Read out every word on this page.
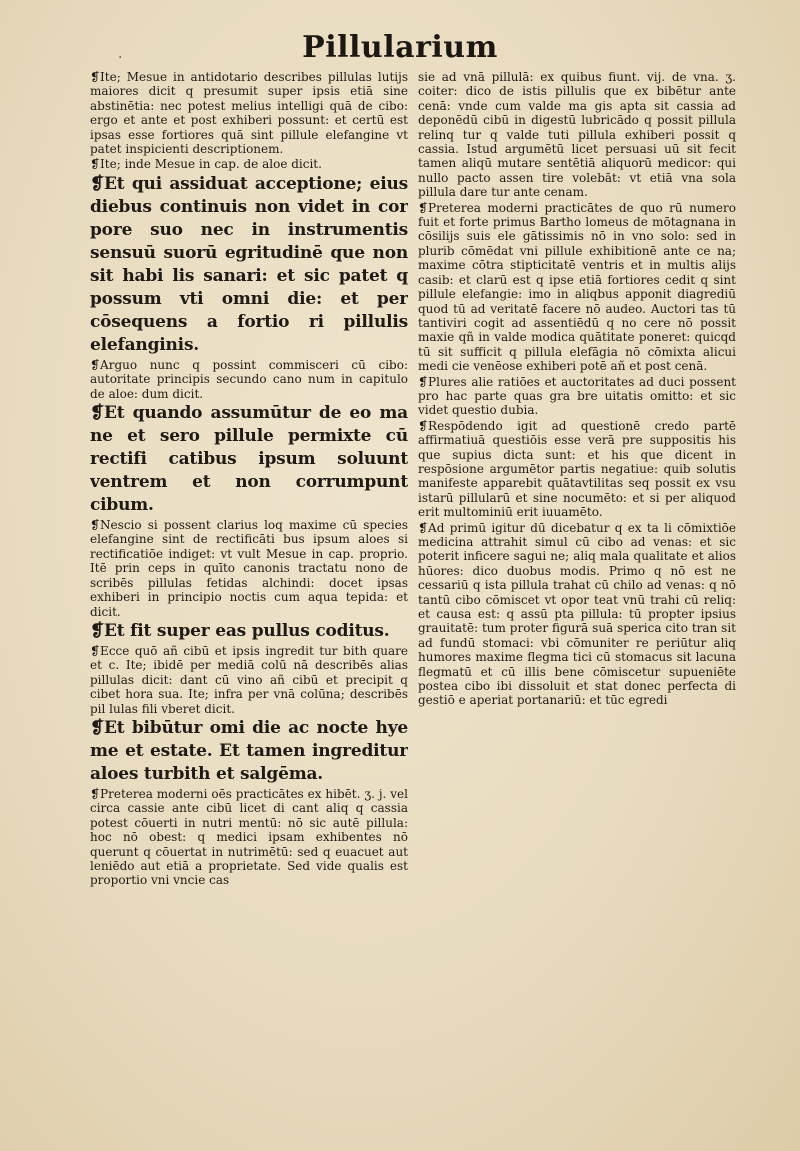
Pillularium
·

❡Ite; Mesue in antidotario describes pillulas lutijs maiores dicit q presumit super ipsis etiā sine abstinētia: nec potest melius intelligi quā de cibo: ergo et ante et post exhiberi possunt: et certū est ipsas esse fortiores quā sint pillule elefangine vt patet inspicienti descriptionem.

❡Ite; inde Mesue in cap. de aloe dicit.

❡Et qui assiduat acceptione; eius diebus continuis non videt in cor pore suo nec in instrumentis sensuū suorū egritudinē que non sit habi lis sanari: et sic patet q possum vti omni die: et per cōsequens a fortio ri pillulis elefanginis.

❡Arguo nunc q possint commisceri cū cibo: autoritate principis secundo cano num in capitulo de aloe: dum dicit.

❡Et quando assumūtur de eo ma ne et sero pillule permixte cū rectifi catibus ipsum soluunt ventrem et non corrumpunt cibum.

❡Nescio si possent clarius loq maxime cū species elefangine sint de rectificāti bus ipsum aloes si rectificatiōe indiget: vt vult Mesue in cap. proprio. Itē prin ceps in quīto canonis tractatu nono de scribēs pillulas fetidas alchindi: docet ipsas exhiberi in principio noctis cum aqua tepida: et dicit.

❡Et fit super eas pullus coditus.

❡Ecce quō añ cibū et ipsis ingredit tur bith quare et c. Ite; ibidē per mediā colū nā describēs alias pillulas dicit: dant cū vino añ cibū et precipit q cibet hora sua. Ite; infra per vnā colūna; describēs pil lulas fili vberet dicit.

❡Et bibūtur omi die ac nocte hye me et estate. Et tamen ingreditur aloes turbith et salgēma.

❡Preterea moderni oēs practicātes ex hibēt. ʒ. j. vel circa cassie ante cibū licet di cant aliq q cassia potest cōuerti in nutri mentū: nō sic autē pillula: hoc nō obest: q medici ipsam exhibentes nō querunt q cōuertat in nutrimētū: sed q euacuet aut leniēdo aut etiā a proprietate. Sed vide qualis est proportio vni vncie cas

sie ad vnā pillulā: ex quibus fiunt. vij. de vna. ʒ. coiter: dico de istis pillulis que ex bibētur ante cenā: vnde cum valde ma gis apta sit cassia ad deponēdū cibū in digestū lubricādo q possit pillula relinq tur q valde tuti pillula exhiberi possit q cassia. Istud argumētū licet persuasi uū sit fecit tamen aliqū mutare sentētiā aliquorū medicor: qui nullo pacto assen tire volebāt: vt etiā vna sola pillula dare tur ante cenam.

❡Preterea moderni practicātes de quo rū numero fuit et forte primus Bartho lomeus de mōtagnana in cōsilijs suis ele gātissimis nō in vno solo: sed in plurib cōmēdat vni pillule exhibitionē ante ce na; maxime cōtra stipticitatē ventris et in multis alijs casib: et clarū est q ipse etiā fortiores cedit q sint pillule elefangie: imo in aliqbus apponit diagrediū quod tū ad veritatē facere nō audeo. Auctori tas tū tantiviri cogit ad assentiēdū q no cere nō possit maxie qñ in valde modica quātitate poneret: quicqd tū sit sufficit q pillula elefāgia nō cōmixta alicui medi cie venēose exhiberi potē añ et post cenā.

❡Plures alie ratiōes et auctoritates ad duci possent pro hac parte quas gra bre uitatis omitto: et sic videt questio dubia.

❡Respōdendo igit ad questionē credo partē affirmatiuā questiōis esse verā pre suppositis his que supius dicta sunt: et his que dicent in respōsione argumētor partis negatiue: quib solutis manifeste apparebit quātavtilitas seq possit ex vsu istarū pillularū et sine nocumēto: et si per aliquod erit multominiū erit iuuamēto.

❡Ad primū igitur dū dicebatur q ex ta li cōmixtiōe medicina attrahit simul cū cibo ad venas: et sic poterit inficere sagui ne; aliq mala qualitate et alios hūores: dico duobus modis. Primo q nō est ne cessariū q ista pillula trahat cū chilo ad venas: q nō tantū cibo cōmiscet vt opor teat vnū trahi cū reliq: et causa est: q assū pta pillula: tū propter ipsius grauitatē: tum proter figurā suā sperica cito tran sit ad fundū stomaci: vbi cōmuniter re periūtur aliq humores maxime flegma tici cū stomacus sit lacuna flegmatū et cū illis bene cōmiscetur supueniēte postea cibo ibi dissoluit et stat donec perfecta di gestiō e aperiat portanariū: et tūc egredi
